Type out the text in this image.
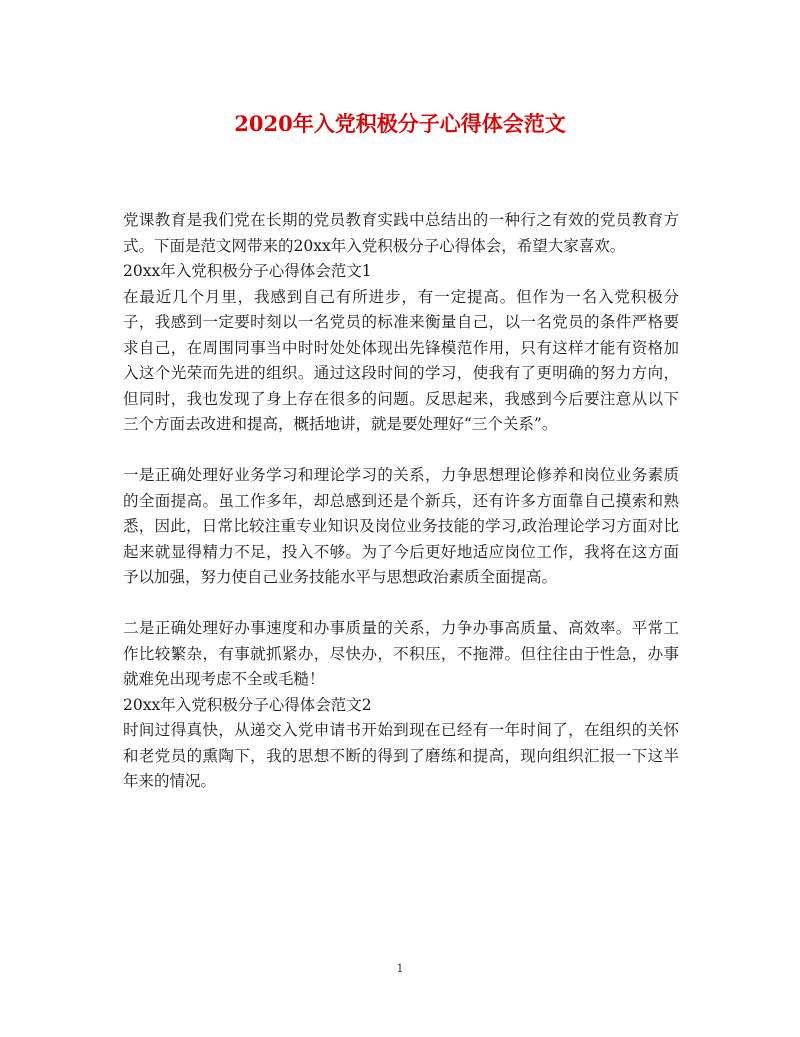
2020年入党积极分子心得体会范文

党课教育是我们党在长期的党员教育实践中总结出的一种行之有效的党员教育方式。下面是范文网带来的20xx年入党积极分子心得体会，希望大家喜欢。

20xx年入党积极分子心得体会范文1

在最近几个月里，我感到自己有所进步，有一定提高。但作为一名入党积极分子，我感到一定要时刻以一名党员的标准来衡量自己，以一名党员的条件严格要求自己，在周围同事当中时时处处体现出先锋模范作用，只有这样才能有资格加入这个光荣而先进的组织。通过这段时间的学习，使我有了更明确的努力方向，但同时，我也发现了身上存在很多的问题。反思起来，我感到今后要注意从以下三个方面去改进和提高，概括地讲，就是要处理好“三个关系”。

一是正确处理好业务学习和理论学习的关系，力争思想理论修养和岗位业务素质的全面提高。虽工作多年，却总感到还是个新兵，还有许多方面靠自己摸索和熟悉，因此，日常比较注重专业知识及岗位业务技能的学习,政治理论学习方面对比起来就显得精力不足，投入不够。为了今后更好地适应岗位工作，我将在这方面予以加强，努力使自己业务技能水平与思想政治素质全面提高。

二是正确处理好办事速度和办事质量的关系，力争办事高质量、高效率。平常工作比较繁杂，有事就抓紧办，尽快办，不积压，不拖滞。但往往由于性急，办事就难免出现考虑不全或毛糙！

20xx年入党积极分子心得体会范文2

时间过得真快，从递交入党申请书开始到现在已经有一年时间了，在组织的关怀和老党员的熏陶下，我的思想不断的得到了磨练和提高，现向组织汇报一下这半年来的情况。

1
